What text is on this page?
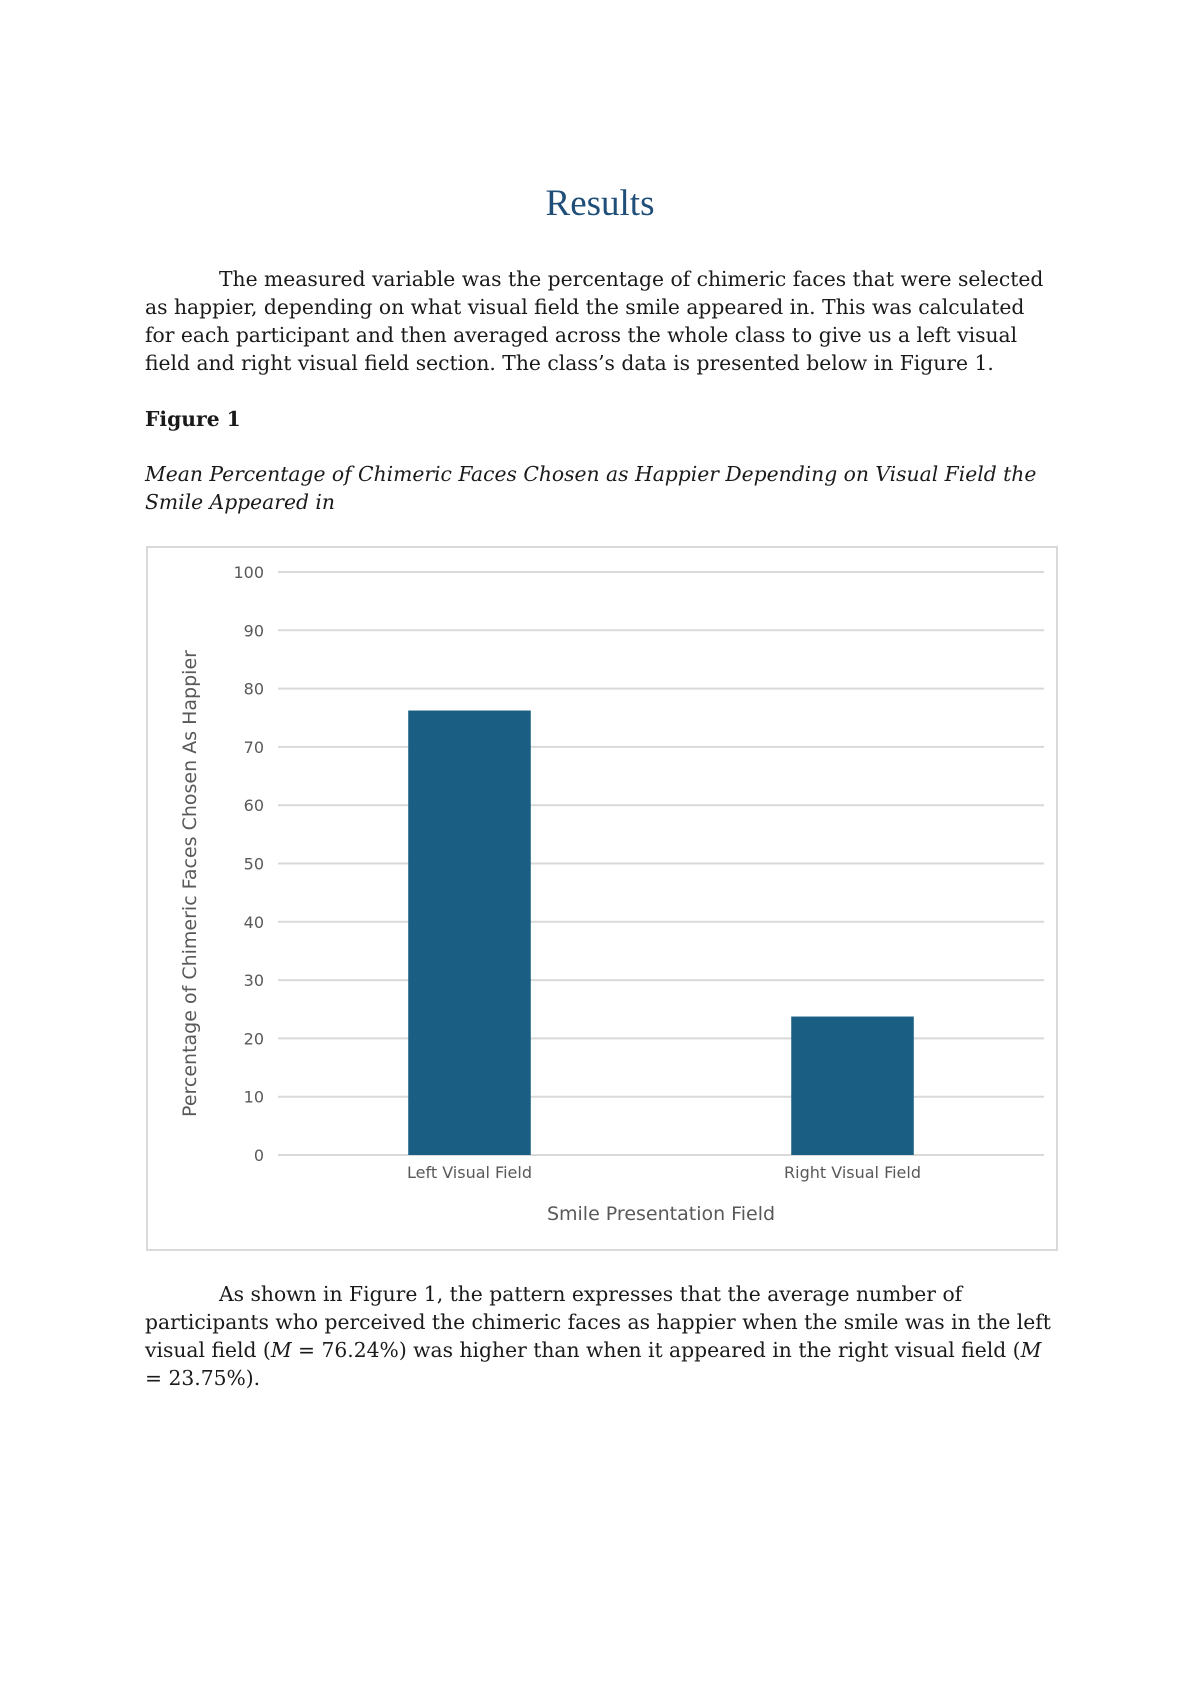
Results

The measured variable was the percentage of chimeric faces that were selected as happier, depending on what visual field the smile appeared in. This was calculated for each participant and then averaged across the whole class to give us a left visual field and right visual field section. The class’s data is presented below in Figure 1.

Figure 1

Mean Percentage of Chimeric Faces Chosen as Happier Depending on Visual Field the Smile Appeared in

0
10
20
30
40
50
60
70
80
90
100
Left Visual Field	Right Visual Field
Percentage of Chimeric Faces Chosen As Happier
Smile Presentation Field

As shown in Figure 1, the pattern expresses that the average number of participants who perceived the chimeric faces as happier when the smile was in the left visual field (M = 76.24%) was higher than when it appeared in the right visual field (M = 23.75%).
